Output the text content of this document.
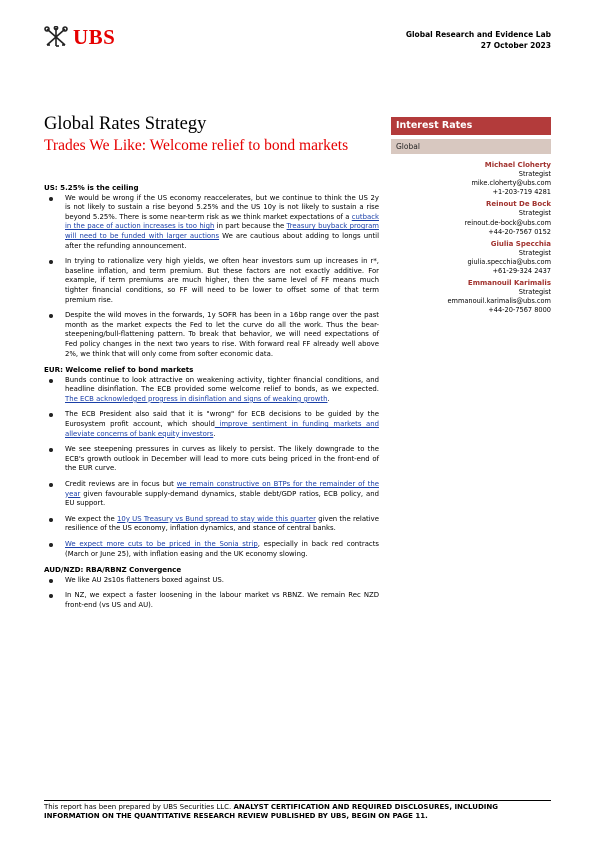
UBS	Global Research and Evidence Lab
27 October 2023
Global Rates Strategy
Trades We Like: Welcome relief to bond markets
Interest Rates
Global
Michael Cloherty
Strategist
mike.cloherty@ubs.com
+1-203-719 4281
Reinout De Bock
Strategist
reinout.de-bock@ubs.com
+44-20-7567 0152
Giulia Specchia
Strategist
giulia.specchia@ubs.com
+61-29-324 2437
Emmanouil Karimalis
Strategist
emmanouil.karimalis@ubs.com
+44-20-7567 8000
US: 5.25% is the ceiling
We would be wrong if the US economy reaccelerates, but we continue to think the US 2y is not likely to sustain a rise beyond 5.25% and the US 10y is not likely to sustain a rise beyond 5.25%. There is some near-term risk as we think market expectations of a cutback in the pace of auction increases is too high in part because the Treasury buyback program will need to be funded with larger auctions We are cautious about adding to longs until after the refunding announcement.
In trying to rationalize very high yields, we often hear investors sum up increases in r*, baseline inflation, and term premium. But these factors are not exactly additive. For example, if term premiums are much higher, then the same level of FF means much tighter financial conditions, so FF will need to be lower to offset some of that term premium rise.
Despite the wild moves in the forwards, 1y SOFR has been in a 16bp range over the past month as the market expects the Fed to let the curve do all the work. Thus the bear-steepening/bull-flattening pattern. To break that behavior, we will need expectations of Fed policy changes in the next two years to rise. With forward real FF already well above 2%, we think that will only come from softer economic data.
EUR: Welcome relief to bond markets
Bunds continue to look attractive on weakening activity, tighter financial conditions, and headline disinflation. The ECB provided some welcome relief to bonds, as we expected. The ECB acknowledged progress in disinflation and signs of weaking growth.
The ECB President also said that it is "wrong" for ECB decisions to be guided by the Eurosystem profit account, which should improve sentiment in funding markets and alleviate concerns of bank equity investors.
We see steepening pressures in curves as likely to persist. The likely downgrade to the ECB's growth outlook in December will lead to more cuts being priced in the front-end of the EUR curve.
Credit reviews are in focus but we remain constructive on BTPs for the remainder of the year given favourable supply-demand dynamics, stable debt/GDP ratios, ECB policy, and EU support.
We expect the 10y US Treasury vs Bund spread to stay wide this quarter given the relative resilience of the US economy, inflation dynamics, and stance of central banks.
We expect more cuts to be priced in the Sonia strip, especially in back red contracts (March or June 25), with inflation easing and the UK economy slowing.
AUD/NZD: RBA/RBNZ Convergence
We like AU 2s10s flatteners boxed against US.
In NZ, we expect a faster loosening in the labour market vs RBNZ. We remain Rec NZD front-end (vs US and AU).
This report has been prepared by UBS Securities LLC. ANALYST CERTIFICATION AND REQUIRED DISCLOSURES, INCLUDING INFORMATION ON THE QUANTITATIVE RESEARCH REVIEW PUBLISHED BY UBS, BEGIN ON PAGE 11.
